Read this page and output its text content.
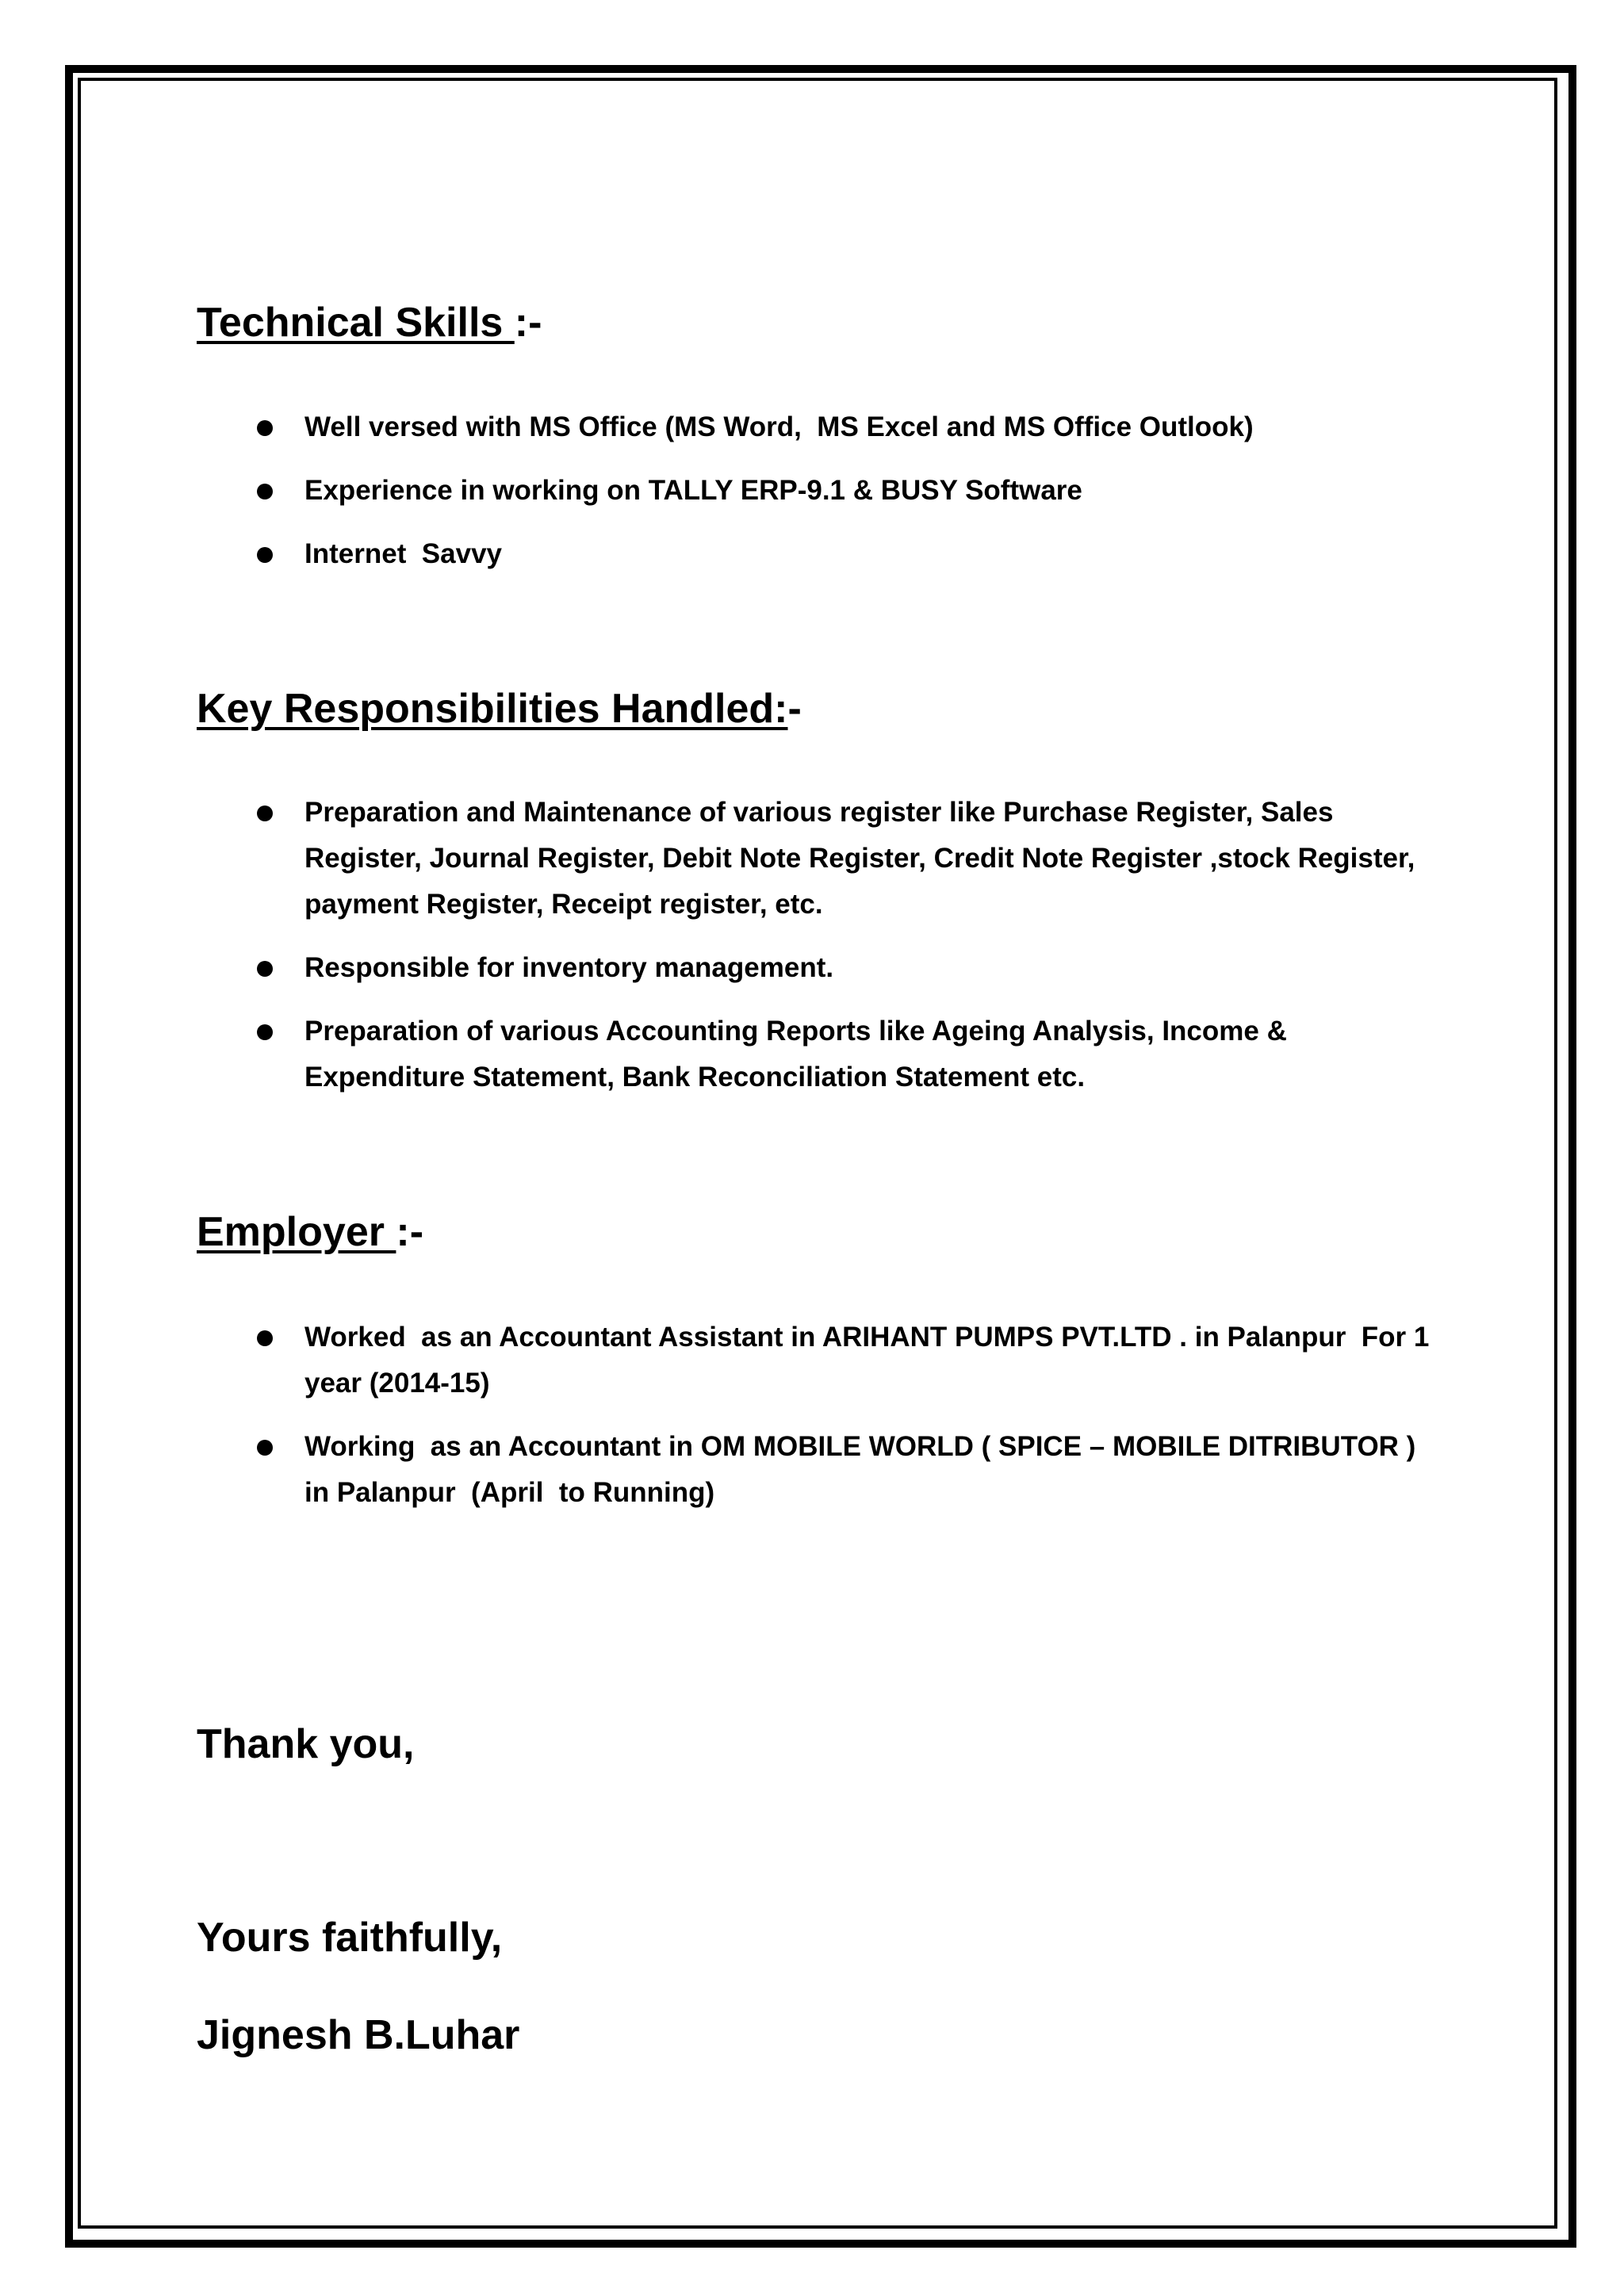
Technical Skills :-
Well versed with MS Office (MS Word,  MS Excel and MS Office Outlook)
Experience in working on TALLY ERP-9.1 & BUSY Software
Internet  Savvy
Key Responsibilities Handled:-
Preparation and Maintenance of various register like Purchase Register, Sales Register, Journal Register, Debit Note Register, Credit Note Register ,stock Register, payment Register, Receipt register, etc.
Responsible for inventory management.
Preparation of various Accounting Reports like Ageing Analysis, Income & Expenditure Statement, Bank Reconciliation Statement etc.
Employer :-
Worked  as an Accountant Assistant in ARIHANT PUMPS PVT.LTD . in Palanpur  For 1 year (2014-15)
Working  as an Accountant in OM MOBILE WORLD ( SPICE – MOBILE DITRIBUTOR ) in Palanpur  (April  to Running)
Thank you,
Yours faithfully,
Jignesh B.Luhar
